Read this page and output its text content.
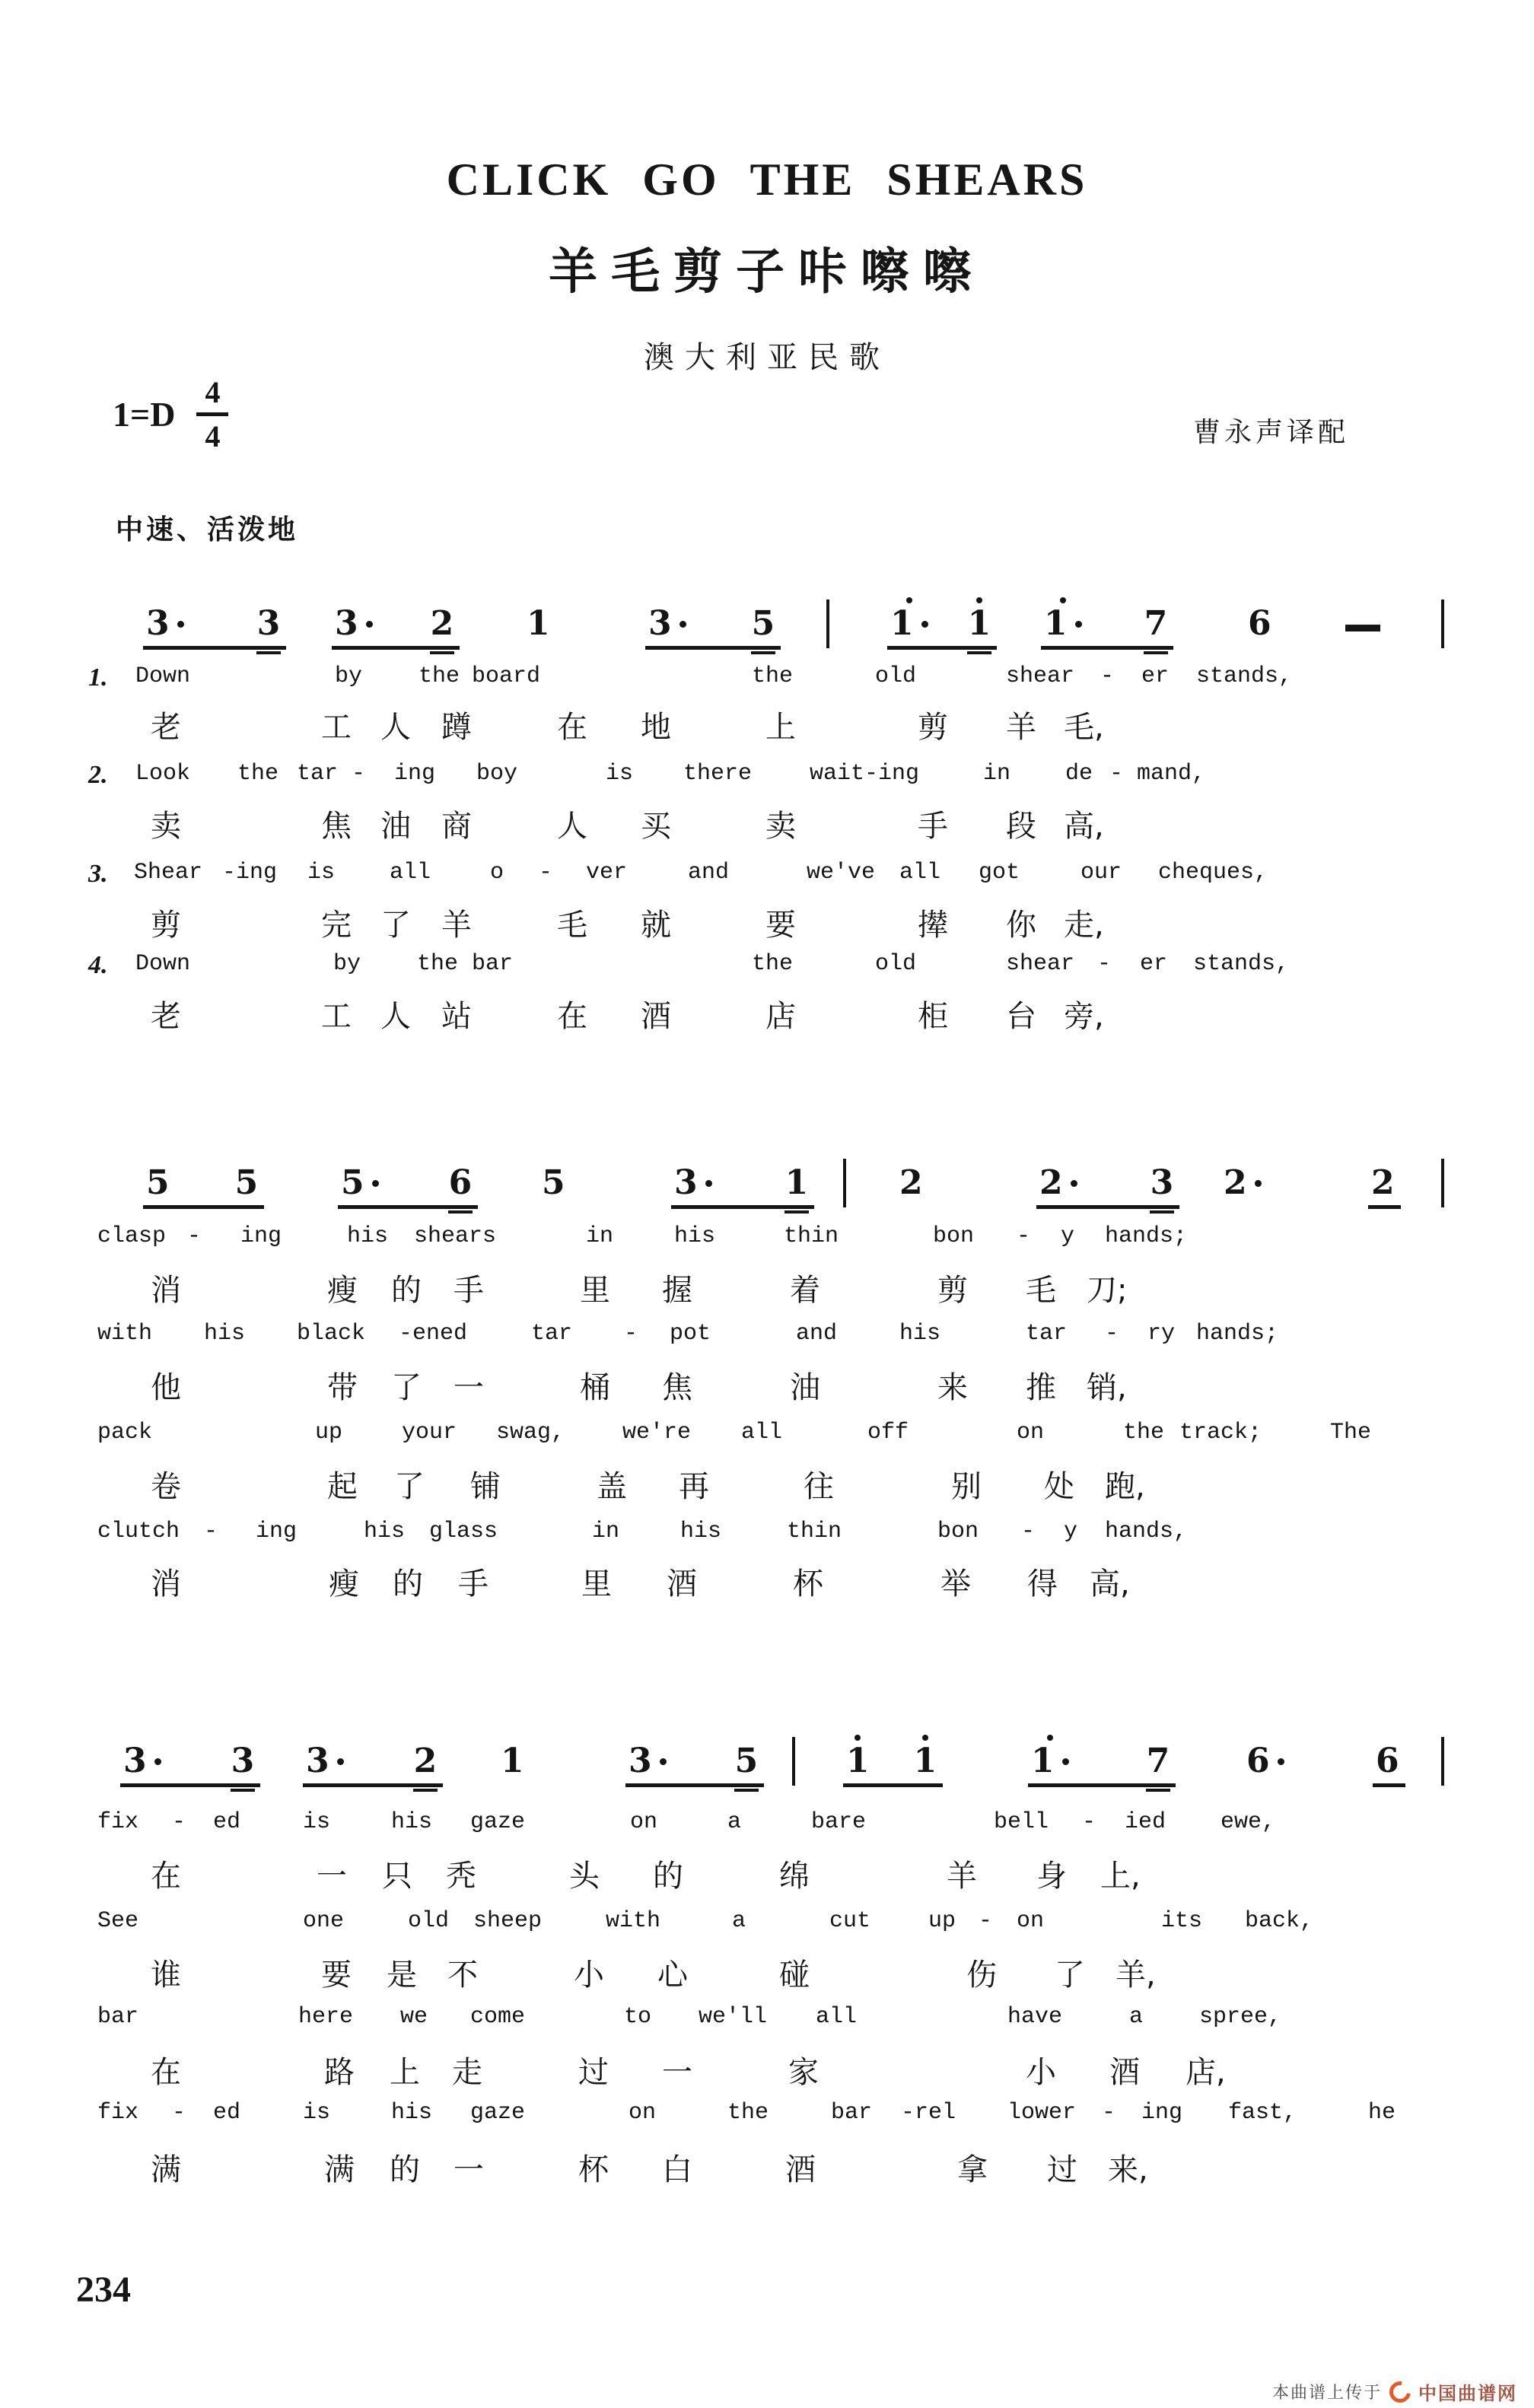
CLICK GO THE SHEARS
羊毛剪子咔嚓嚓
澳大利亚民歌
1=D
4
4	曹永声译配
中速、活泼地
234
本曲谱上传于 中国曲谱网
3	3 3 2 1	3 5	1 1 1 7 6
1. Down	by the board	the	old	shear - er stands,
老	工 人 蹲	在 地	上	剪 羊 毛,
2. Look the tar - ing boy	is there	wait-ing	in de - mand,
卖	焦 油 商	人 买	卖	手 段 高,
3. Shear -ing is all	o - ver	and	we've all got	our cheques,
剪	完 了 羊	毛 就	要	撵 你 走,
4. Down	by the bar	the	old	shear - er stands,
老	工 人 站	在 酒	店	柜 台 旁,
5 5 5	6 5	3	1	2	2	3 2	2
clasp - ing	his shears	in	his	thin	bon - y hands;
消	瘦 的 手	里 握	着	剪 毛 刀;
with his black -ened	tar - pot	and	his	tar - ry hands;
他	带 了 一	桶 焦	油	来 推 销,
pack	up	your swag,	we're all	off	on	the track;	The
卷	起 了 铺	盖 再	往	别 处 跑,
clutch - ing	his glass	in	his	thin	bon - y hands,
消	瘦 的 手	里 酒	杯	举 得 高,
3	3 3	2 1	3 5	1 1	1	7 6	6
fix - ed	is	his gaze	on	a	bare	bell - ied ewe,
在	一 只 秃	头 的	绵	羊 身 上,
See	one	old sheep	with	a	cut	up - on	its back,
谁	要 是 不	小 心	碰	伤 了 羊,
bar	here we come	to we'll all	have	a spree,
在	路 上 走	过 一	家	小 酒 店,
fix - ed	is	his gaze	on	the	bar -rel lower - ing fast,	he
满	满 的 一	杯 白	酒	拿 过 来,
